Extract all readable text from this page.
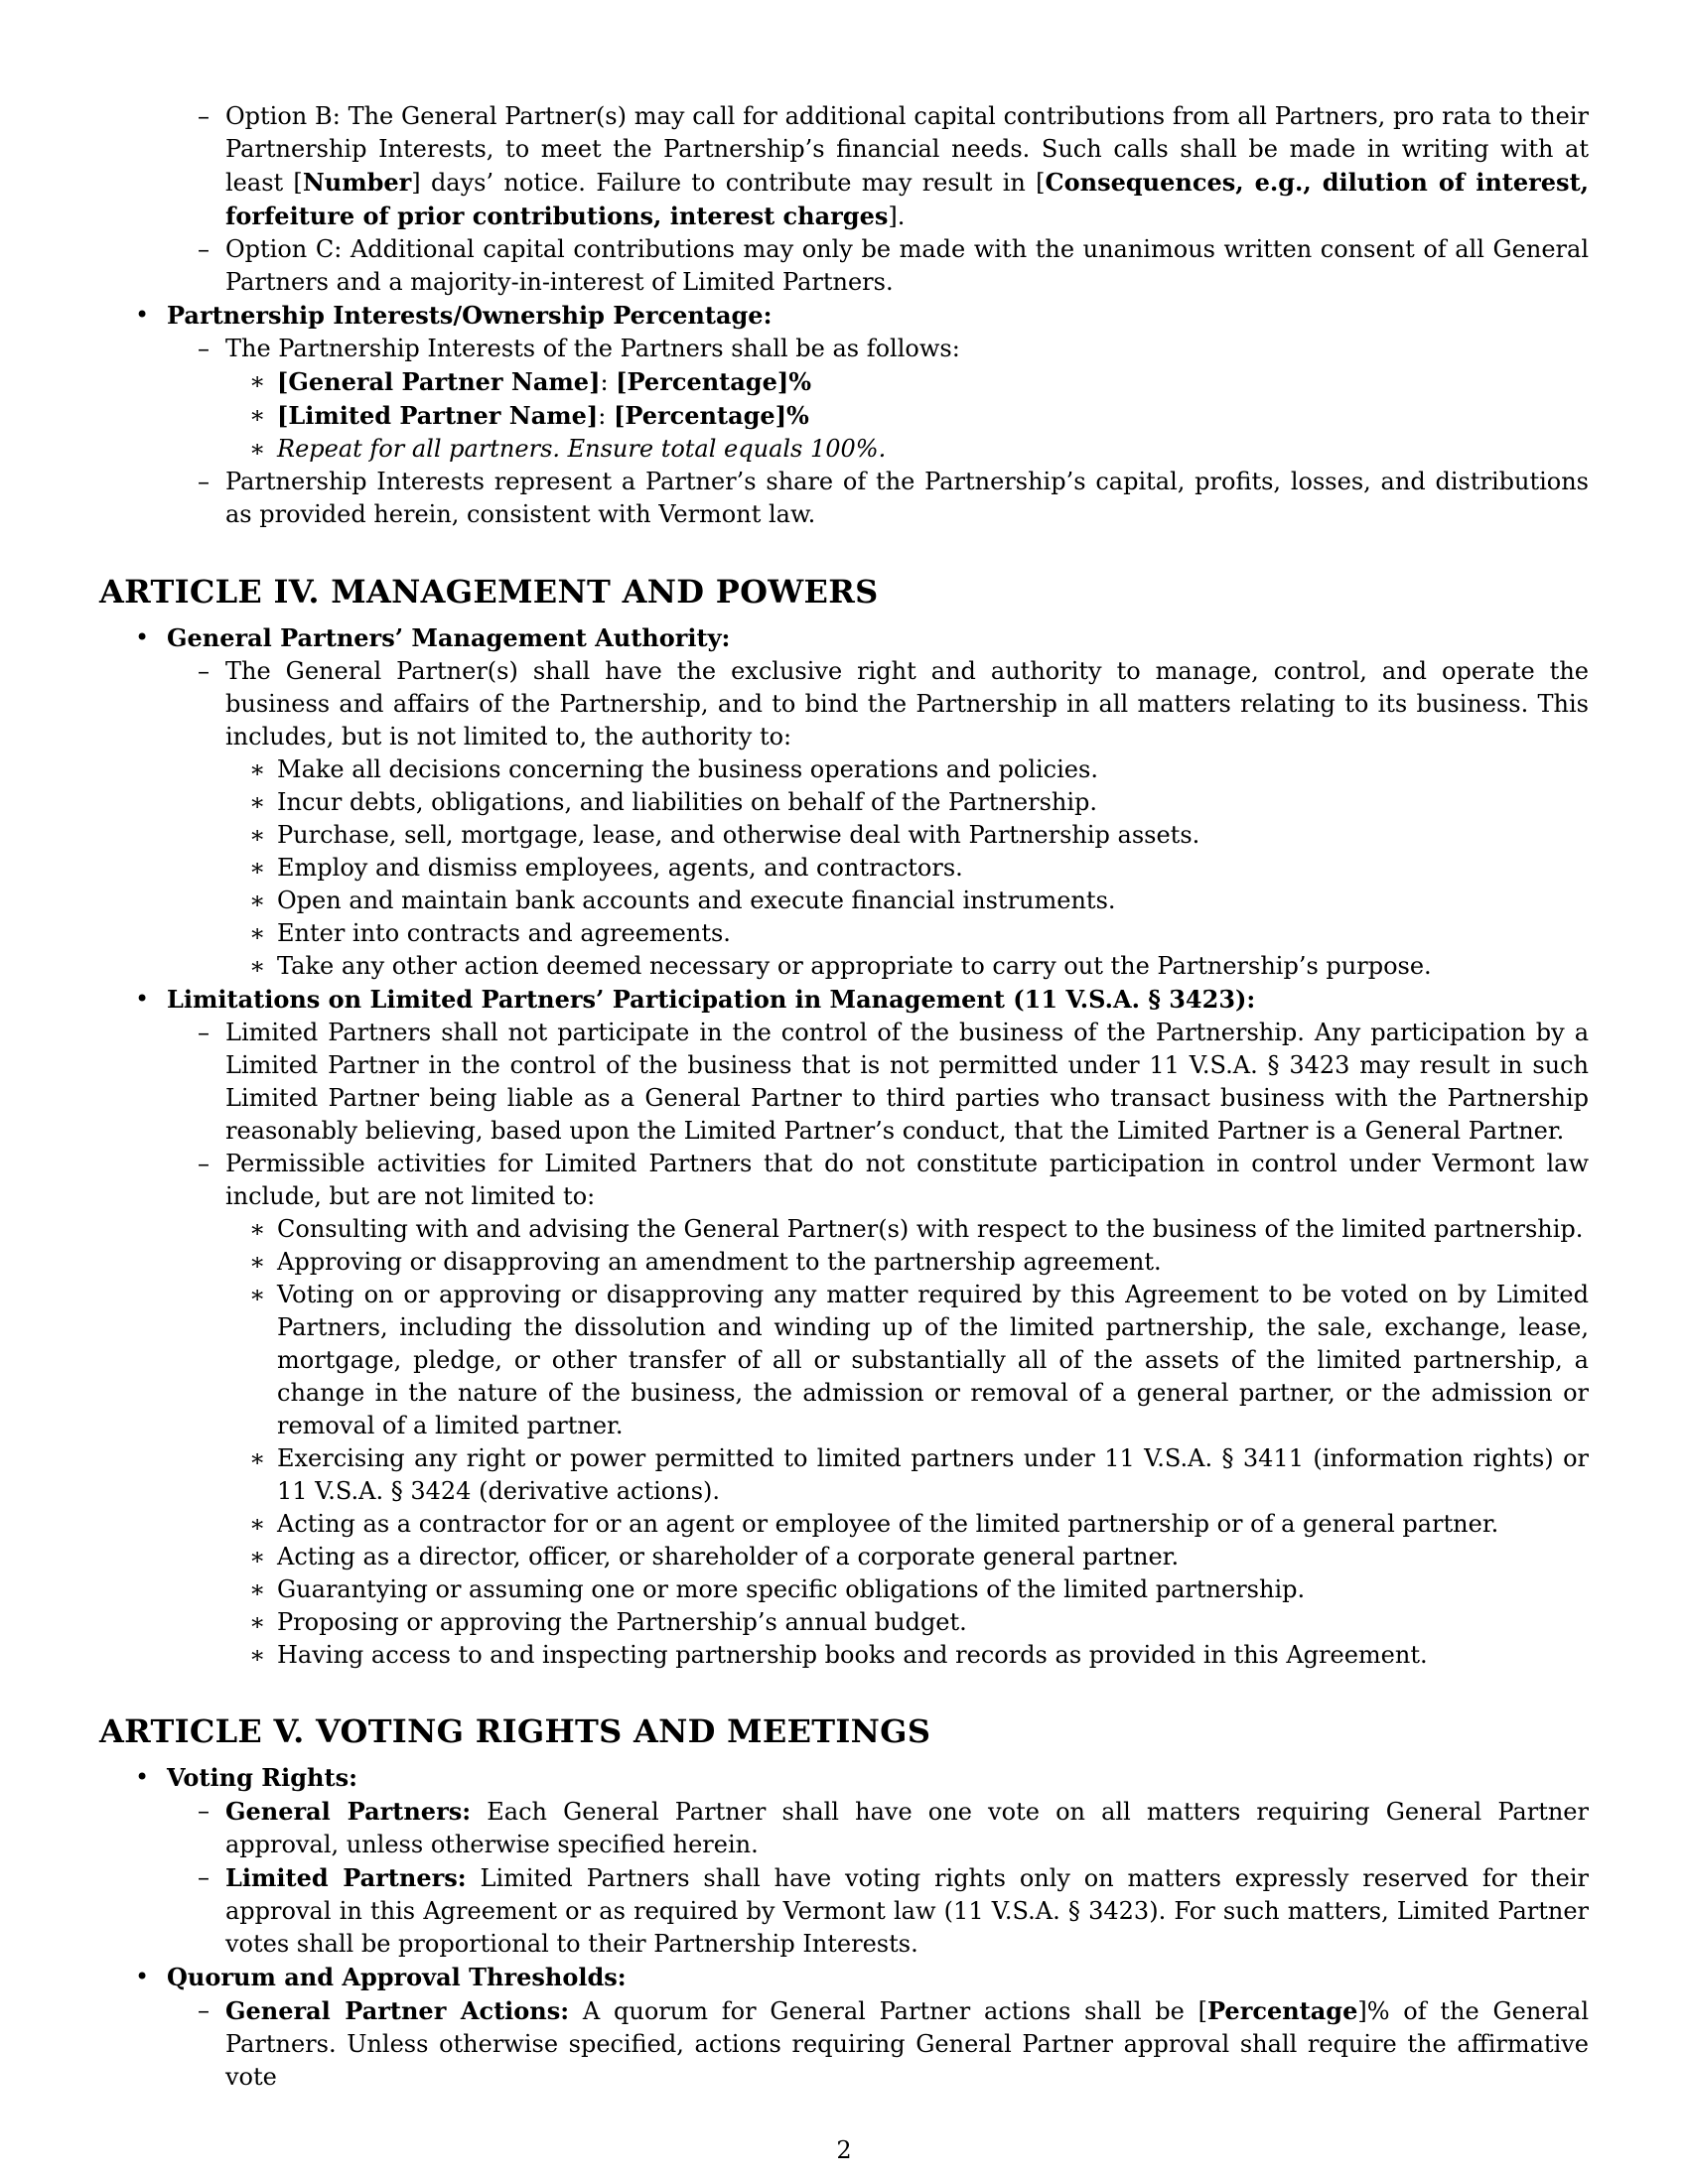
– Option B: The General Partner(s) may call for additional capital contributions from all Partners, pro rata to their Partnership Interests, to meet the Partnership’s financial needs. Such calls shall be made in writing with at least [Number] days’ notice. Failure to contribute may result in [Consequences, e.g., dilution of interest, forfeiture of prior contributions, interest charges].
– Option C: Additional capital contributions may only be made with the unanimous written consent of all General Partners and a majority-in-interest of Limited Partners.
• Partnership Interests/Ownership Percentage:
– The Partnership Interests of the Partners shall be as follows:
∗ [General Partner Name]: [Percentage]%
∗ [Limited Partner Name]: [Percentage]%
∗ Repeat for all partners. Ensure total equals 100%.
– Partnership Interests represent a Partner’s share of the Partnership’s capital, profits, losses, and distributions as provided herein, consistent with Vermont law.
ARTICLE IV. MANAGEMENT AND POWERS
• General Partners’ Management Authority:
– The General Partner(s) shall have the exclusive right and authority to manage, control, and operate the business and affairs of the Partnership, and to bind the Partnership in all matters relating to its business. This includes, but is not limited to, the authority to:
∗ Make all decisions concerning the business operations and policies.
∗ Incur debts, obligations, and liabilities on behalf of the Partnership.
∗ Purchase, sell, mortgage, lease, and otherwise deal with Partnership assets.
∗ Employ and dismiss employees, agents, and contractors.
∗ Open and maintain bank accounts and execute financial instruments.
∗ Enter into contracts and agreements.
∗ Take any other action deemed necessary or appropriate to carry out the Partnership’s purpose.
• Limitations on Limited Partners’ Participation in Management (11 V.S.A. § 3423):
– Limited Partners shall not participate in the control of the business of the Partnership. Any participation by a Limited Partner in the control of the business that is not permitted under 11 V.S.A. § 3423 may result in such Limited Partner being liable as a General Partner to third parties who transact business with the Partnership reasonably believing, based upon the Limited Partner’s conduct, that the Limited Partner is a General Partner.
– Permissible activities for Limited Partners that do not constitute participation in control under Vermont law include, but are not limited to:
∗ Consulting with and advising the General Partner(s) with respect to the business of the limited partnership.
∗ Approving or disapproving an amendment to the partnership agreement.
∗ Voting on or approving or disapproving any matter required by this Agreement to be voted on by Limited Partners, including the dissolution and winding up of the limited partnership, the sale, exchange, lease, mortgage, pledge, or other transfer of all or substantially all of the assets of the limited partnership, a change in the nature of the business, the admission or removal of a general partner, or the admission or removal of a limited partner.
∗ Exercising any right or power permitted to limited partners under 11 V.S.A. § 3411 (information rights) or 11 V.S.A. § 3424 (derivative actions).
∗ Acting as a contractor for or an agent or employee of the limited partnership or of a general partner.
∗ Acting as a director, officer, or shareholder of a corporate general partner.
∗ Guarantying or assuming one or more specific obligations of the limited partnership.
∗ Proposing or approving the Partnership’s annual budget.
∗ Having access to and inspecting partnership books and records as provided in this Agreement.
ARTICLE V. VOTING RIGHTS AND MEETINGS
• Voting Rights:
– General Partners: Each General Partner shall have one vote on all matters requiring General Partner approval, unless otherwise specified herein.
– Limited Partners: Limited Partners shall have voting rights only on matters expressly reserved for their approval in this Agreement or as required by Vermont law (11 V.S.A. § 3423). For such matters, Limited Partner votes shall be proportional to their Partnership Interests.
• Quorum and Approval Thresholds:
– General Partner Actions: A quorum for General Partner actions shall be [Percentage]% of the General Partners. Unless otherwise specified, actions requiring General Partner approval shall require the affirmative vote
2
